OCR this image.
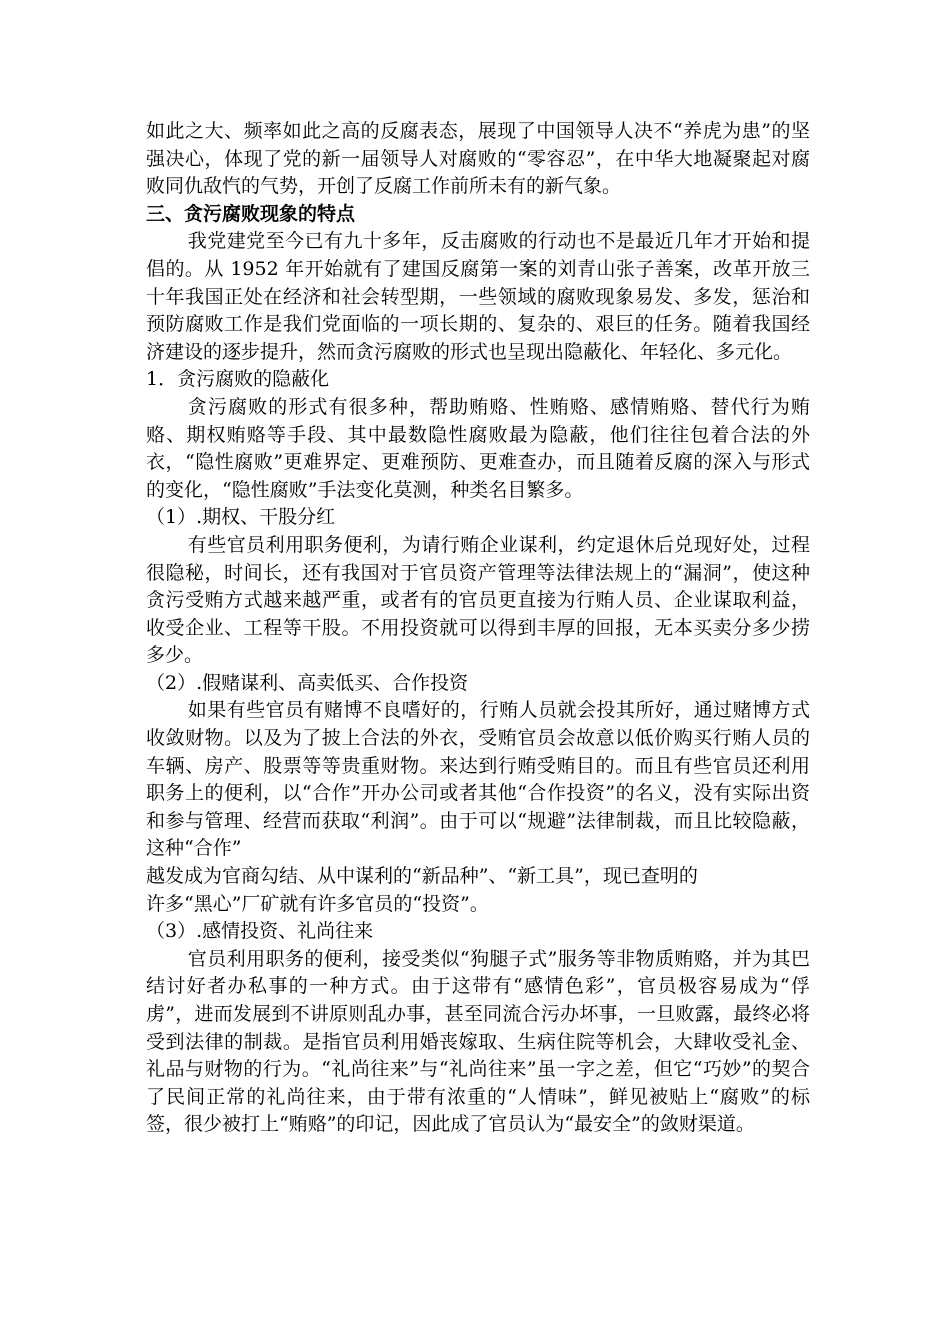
如此之大、频率如此之高的反腐表态，展现了中国领导人决不“养虎为患”的坚强决心，体现了党的新一届领导人对腐败的“零容忍”，在中华大地凝聚起对腐败同仇敌忾的气势，开创了反腐工作前所未有的新气象。

三、贪污腐败现象的特点

我党建党至今已有九十多年，反击腐败的行动也不是最近几年才开始和提倡的。从 1952 年开始就有了建国反腐第一案的刘青山张子善案，改革开放三十年我国正处在经济和社会转型期，一些领域的腐败现象易发、多发，惩治和预防腐败工作是我们党面临的一项长期的、复杂的、艰巨的任务。随着我国经济建设的逐步提升，然而贪污腐败的形式也呈现出隐蔽化、年轻化、多元化。

1．贪污腐败的隐蔽化

贪污腐败的形式有很多种，帮助贿赂、性贿赂、感情贿赂、替代行为贿赂、期权贿赂等手段、其中最数隐性腐败最为隐蔽，他们往往包着合法的外衣，“隐性腐败”更难界定、更难预防、更难查办，而且随着反腐的深入与形式的变化，“隐性腐败”手法变化莫测，种类名目繁多。

（1）.期权、干股分红

有些官员利用职务便利，为请行贿企业谋利，约定退休后兑现好处，过程很隐秘，时间长，还有我国对于官员资产管理等法律法规上的“漏洞”，使这种贪污受贿方式越来越严重，或者有的官员更直接为行贿人员、企业谋取利益，收受企业、工程等干股。不用投资就可以得到丰厚的回报，无本买卖分多少捞多少。

（2）.假赌谋利、高卖低买、合作投资

如果有些官员有赌博不良嗜好的，行贿人员就会投其所好，通过赌博方式收敛财物。以及为了披上合法的外衣，受贿官员会故意以低价购买行贿人员的车辆、房产、股票等等贵重财物。来达到行贿受贿目的。而且有些官员还利用职务上的便利，以“合作”开办公司或者其他“合作投资”的名义，没有实际出资和参与管理、经营而获取“利润”。由于可以“规避”法律制裁，而且比较隐蔽，这种“合作”

越发成为官商勾结、从中谋利的“新品种”、“新工具”，现已查明的

许多“黑心”厂矿就有许多官员的“投资”。

（3）.感情投资、礼尚往来

官员利用职务的便利，接受类似“狗腿子式”服务等非物质贿赂，并为其巴结讨好者办私事的一种方式。由于这带有“感情色彩”，官员极容易成为“俘虏”，进而发展到不讲原则乱办事，甚至同流合污办坏事，一旦败露，最终必将受到法律的制裁。是指官员利用婚丧嫁取、生病住院等机会，大肆收受礼金、礼品与财物的行为。“礼尚往来”与“礼尚往来”虽一字之差，但它“巧妙”的契合了民间正常的礼尚往来，由于带有浓重的“人情味”，鲜见被贴上“腐败”的标签，很少被打上“贿赂”的印记，因此成了官员认为“最安全”的敛财渠道。
